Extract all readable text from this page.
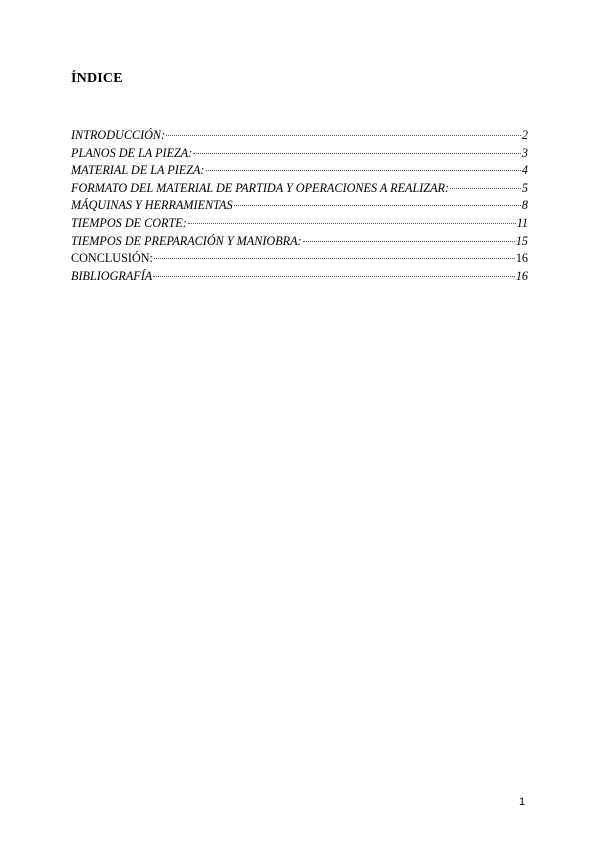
ÍNDICE
INTRODUCCIÓN:	2
PLANOS DE LA PIEZA:	3
MATERIAL DE LA PIEZA:	4
FORMATO DEL MATERIAL DE PARTIDA Y OPERACIONES A REALIZAR:	5
MÁQUINAS Y HERRAMIENTAS	8
TIEMPOS DE CORTE:	11
TIEMPOS DE PREPARACIÓN Y MANIOBRA:	15
CONCLUSIÓN:	16
BIBLIOGRAFÍA	16
1
